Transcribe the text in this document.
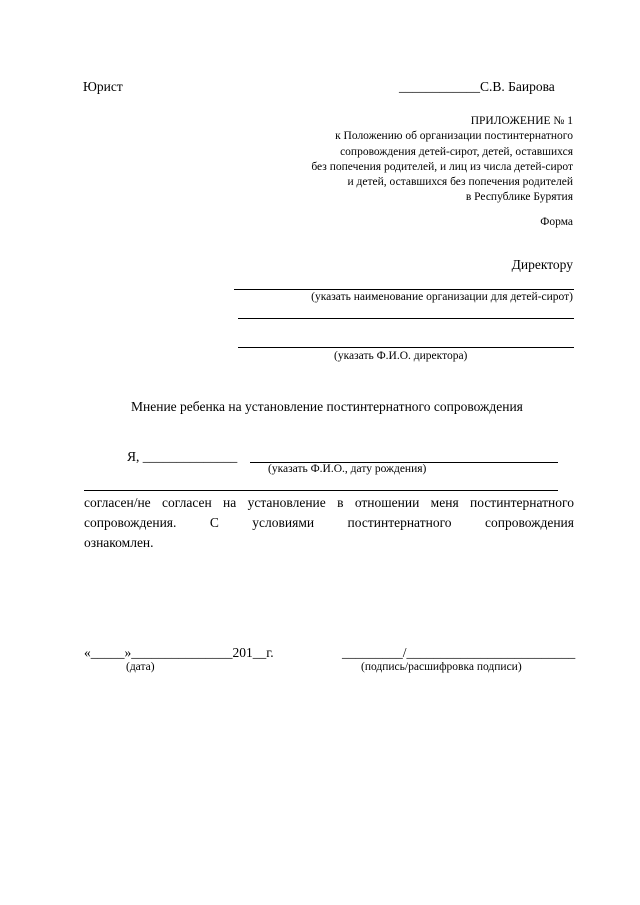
Юрист	____________С.В. Баирова
ПРИЛОЖЕНИЕ № 1
к Положению об организации постинтернатного
сопровождения детей-сирот, детей, оставшихся
без попечения родителей, и лиц из числа детей-сирот
и детей, оставшихся без попечения родителей
в Республике Бурятия
Форма
Директору
(указать наименование организации для детей-сирот)
(указать Ф.И.О. директора)
Мнение ребенка на установление постинтернатного сопровождения
Я, ______________
(указать Ф.И.О., дату рождения)
согласен/не согласен на установление в отношении меня постинтернатного
сопровождения. С условиями постинтернатного сопровождения
ознакомлен.
«_____»_______________201__г.
(дата)
_________/_________________________
(подпись/расшифровка подписи)
